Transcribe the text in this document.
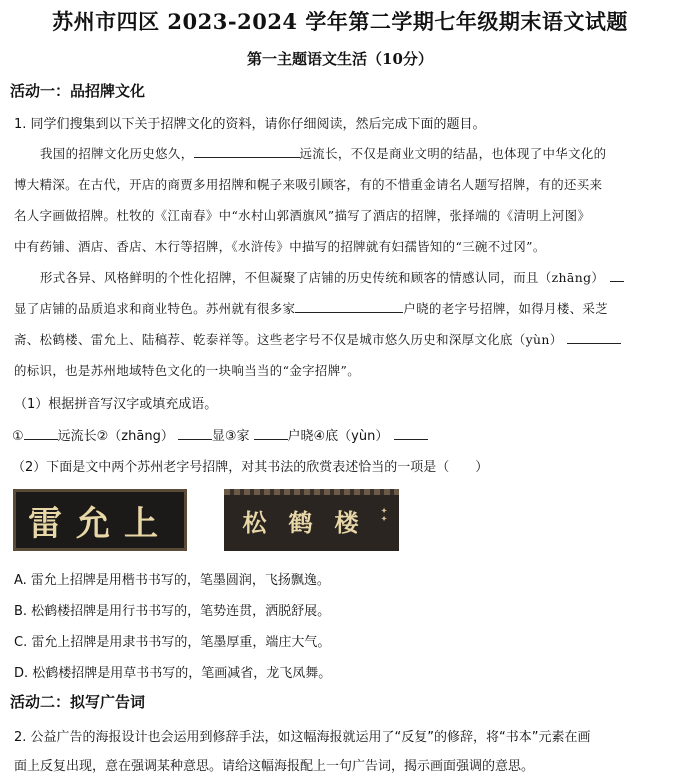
苏州市四区 2023-2024 学年第二学期七年级期末语文试题
第一主题语文生活（10分）
活动一：品招牌文化
1. 同学们搜集到以下关于招牌文化的资料，请你仔细阅读，然后完成下面的题目。
我国的招牌文化历史悠久，	远流长，不仅是商业文明的结晶，也体现了中华文化的
博大精深。在古代，开店的商贾多用招牌和幌子来吸引顾客，有的不惜重金请名人题写招牌，有的还买来
名人字画做招牌。杜牧的《江南春》中“水村山郭酒旗风”描写了酒店的招牌，张择端的《清明上河图》
中有药铺、酒店、香店、木行等招牌，《水浒传》中描写的招牌就有妇孺皆知的“三碗不过冈”。
形式各异、风格鲜明的个性化招牌，不但凝聚了店铺的历史传统和顾客的情感认同，而且（zhāng）
显了店铺的品质追求和商业特色。苏州就有很多家	户晓的老字号招牌，如得月楼、采芝
斋、松鹤楼、雷允上、陆稿荐、乾泰祥等。这些老字号不仅是城市悠久历史和深厚文化底（yùn）
的标识，也是苏州地域特色文化的一块响当当的“金字招牌”。
（1）根据拼音写汉字或填充成语。
①	远流长②（zhāng）	显③家	户晓④底（yùn）
（2）下面是文中两个苏州老字号招牌，对其书法的欣赏表述恰当的一项是（　　）
雷允上	松鹤楼 ✦✦
A. 雷允上招牌是用楷书书写的，笔墨圆润，飞扬飘逸。
B. 松鹤楼招牌是用行书书写的，笔势连贯，洒脱舒展。
C. 雷允上招牌是用隶书书写的，笔墨厚重，端庄大气。
D. 松鹤楼招牌是用草书书写的，笔画减省，龙飞凤舞。
活动二：拟写广告词
2. 公益广告的海报设计也会运用到修辞手法，如这幅海报就运用了“反复”的修辞，将“书本”元素在画
面上反复出现，意在强调某种意思。请给这幅海报配上一句广告词，揭示画面强调的意思。
